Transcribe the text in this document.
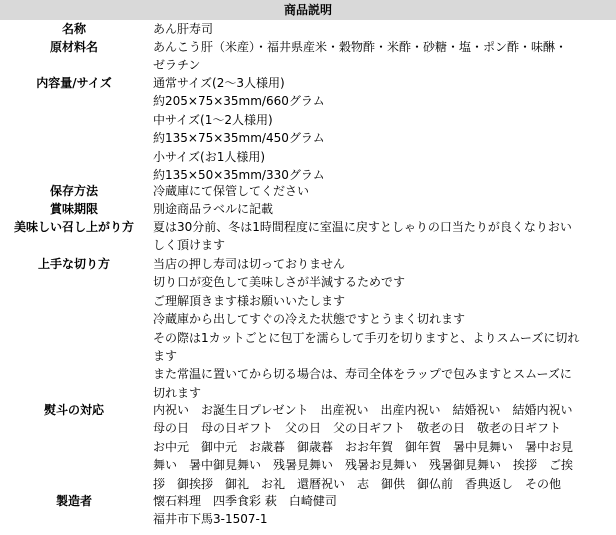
商品説明
名称	あん肝寿司
原材料名	あんこう肝（米産）・福井県産米・穀物酢・米酢・砂糖・塩・ポン酢・味醂・
ゼラチン
内容量/サイズ	通常サイズ(2〜3人様用)
約205×75×35mm/660グラム
中サイズ(1〜2人様用)
約135×75×35mm/450グラム
小サイズ(お1人様用)
約135×50×35mm/330グラム
保存方法	冷蔵庫にて保管してください
賞味期限	別途商品ラベルに記載
美味しい召し上がり方	夏は30分前、冬は1時間程度に室温に戻すとしゃりの口当たりが良くなりおい
しく頂けます
上手な切り方	当店の押し寿司は切っておりません
切り口が変色して美味しさが半減するためです
ご理解頂きます様お願いいたします
冷蔵庫から出してすぐの冷えた状態ですとうまく切れます
その際は1カットごとに包丁を濡らして手刃を切りますと、よりスムーズに切れ
ます
また常温に置いてから切る場合は、寿司全体をラップで包みますとスムーズに
切れます
熨斗の対応	内祝い　お誕生日プレゼント　出産祝い　出産内祝い　結婚祝い　結婚内祝い
母の日　母の日ギフト　父の日　父の日ギフト　敬老の日　敬老の日ギフト
お中元　御中元　お歳暮　御歳暮　おお年賀　御年賀　暑中見舞い　暑中お見
舞い　暑中御見舞い　残暑見舞い　残暑お見舞い　残暑御見舞い　挨拶　ご挨
拶　御挨拶　御礼　お礼　還暦祝い　志　御供　御仏前　香典返し　その他
製造者	懐石料理　四季食彩 萩　白崎健司
福井市下馬3-1507-1
